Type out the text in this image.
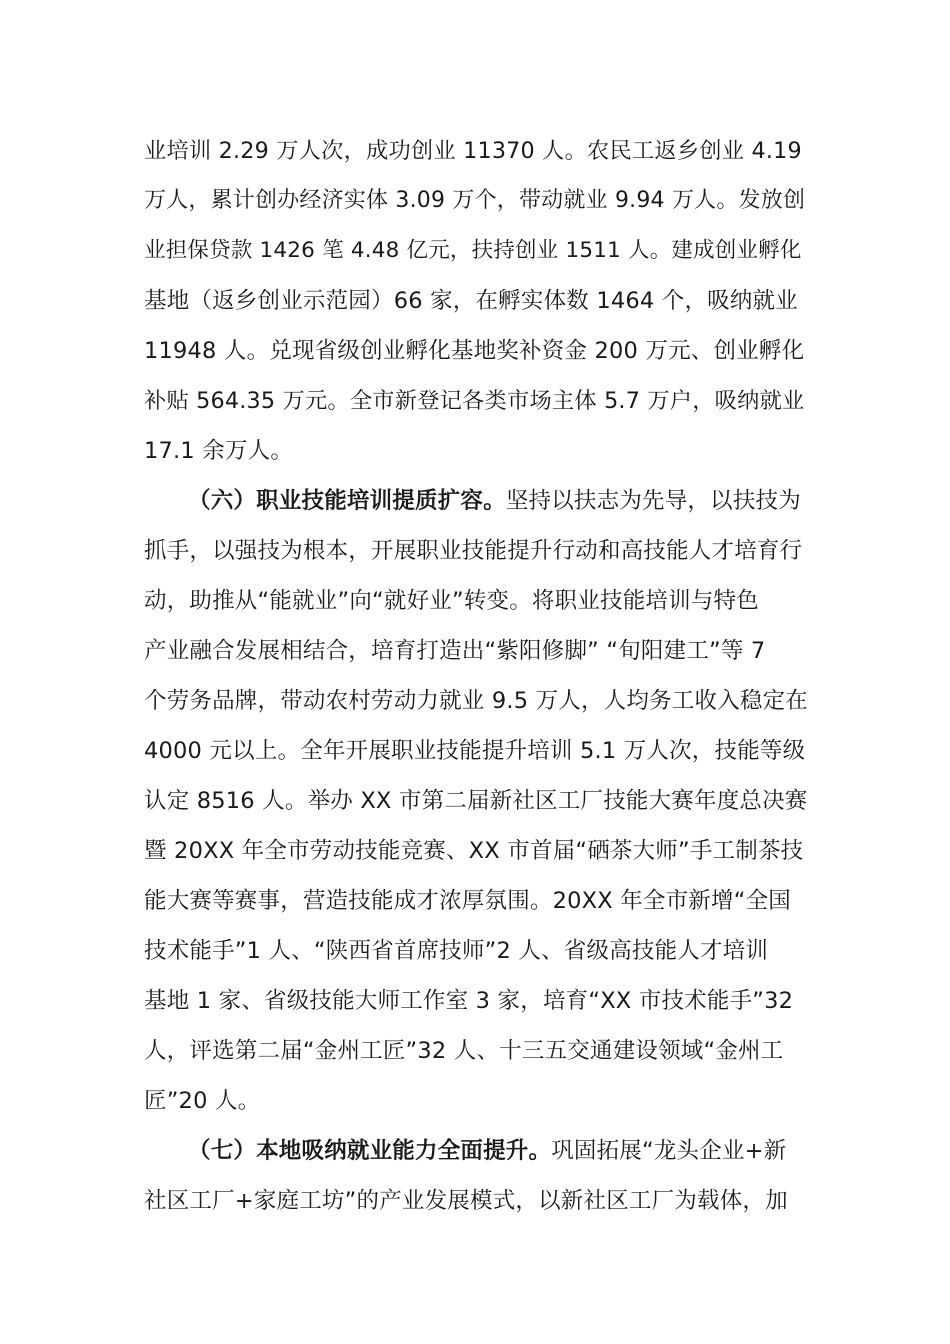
业培训 2.29 万人次，成功创业 11370 人。农民工返乡创业 4.19
万人，累计创办经济实体 3.09 万个，带动就业 9.94 万人。发放创
业担保贷款 1426 笔 4.48 亿元，扶持创业 1511 人。建成创业孵化
基地（返乡创业示范园）66 家，在孵实体数 1464 个，吸纳就业
11948 人。兑现省级创业孵化基地奖补资金 200 万元、创业孵化
补贴 564.35 万元。全市新登记各类市场主体 5.7 万户，吸纳就业
17.1 余万人。
（六）职业技能培训提质扩容。坚持以扶志为先导，以扶技为
抓手，以强技为根本，开展职业技能提升行动和高技能人才培育行
动，助推从“能就业”向“就好业”转变。将职业技能培训与特色
产业融合发展相结合，培育打造出“紫阳修脚” “旬阳建工”等 7
个劳务品牌，带动农村劳动力就业 9.5 万人，人均务工收入稳定在
4000 元以上。全年开展职业技能提升培训 5.1 万人次，技能等级
认定 8516 人。举办 XX 市第二届新社区工厂技能大赛年度总决赛
暨 20XX 年全市劳动技能竞赛、XX 市首届“硒茶大师”手工制茶技
能大赛等赛事，营造技能成才浓厚氛围。20XX 年全市新增“全国
技术能手”1 人、“陕西省首席技师”2 人、省级高技能人才培训
基地 1 家、省级技能大师工作室 3 家，培育“XX 市技术能手”32
人，评选第二届“金州工匠”32 人、十三五交通建设领域“金州工
匠”20 人。
（七）本地吸纳就业能力全面提升。巩固拓展“龙头企业+新
社区工厂+家庭工坊”的产业发展模式，以新社区工厂为载体，加
